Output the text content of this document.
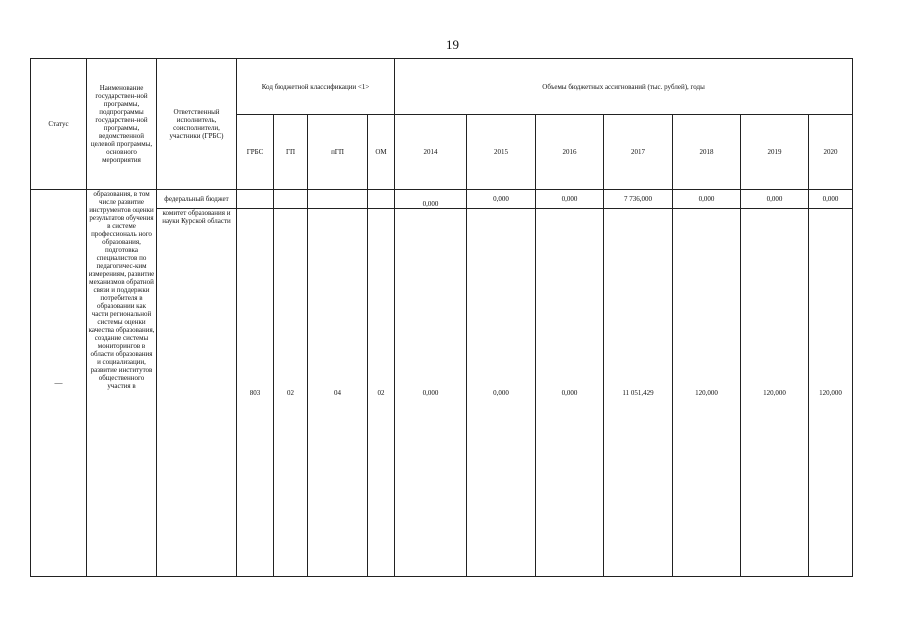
19
Статус	Наименование государствен-ной программы, подпрограммы государствен-ной программы, ведомственной целевой программы, основного мероприятия	Ответственный исполнитель, соисполнители, участники (ГРБС)	Код бюджетной классификации <1>				Объемы бюджетных ассигнований (тыс. рублей), годы						
			ГРБС	ГП	пГП	ОМ	2014	2015	2016	2017	2018	2019	2020
—	образования, в том числе развитие инструментов оценки результатов обучения в системе профессиональ ного образования, подготовка специалистов по педагогичес-ким измерениям, развитие механизмов обратной связи и поддержки потребителя в образовании как части региональной системы оценки качества образования, создание системы мониторингов в области образования и социализации, развитие институтов общественного участия в	федеральный бюджет					0,000	0,000	0,000	7 736,000	0,000	0,000	0,000
		комитет образования и науки Курской области	803	02	04	02	0,000	0,000	0,000	11 051,429	120,000	120,000	120,000
